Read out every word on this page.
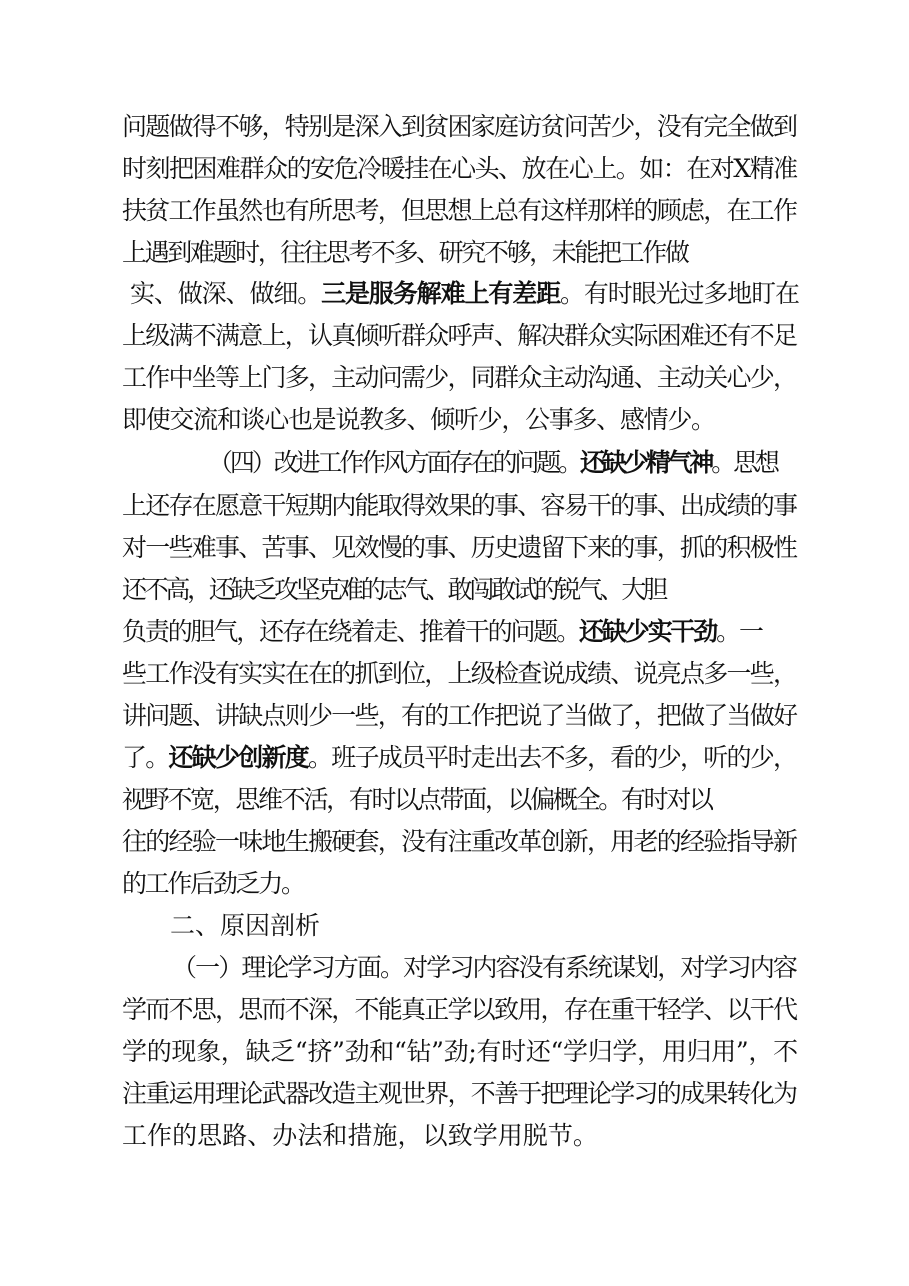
问题做得不够，特别是深入到贫困家庭访贫问苦少，没有完全做到
时刻把困难群众的安危冷暖挂在心头、放在心上。如：在对X精准
扶贫工作虽然也有所思考，但思想上总有这样那样的顾虑，在工作
上遇到难题时，往往思考不多、研究不够，未能把工作做
实、做深、做细。三是服务解难上有差距。有时眼光过多地盯在
上级满不满意上，认真倾听群众呼声、解决群众实际困难还有不足
工作中坐等上门多，主动问需少，同群众主动沟通、主动关心少，
即使交流和谈心也是说教多、倾听少，公事多、感情少。
（四）改进工作作风方面存在的问题。还缺少精气神。思想
上还存在愿意干短期内能取得效果的事、容易干的事、出成绩的事
对一些难事、苦事、见效慢的事、历史遗留下来的事，抓的积极性
还不高，还缺乏攻坚克难的志气、敢闯敢试的锐气、大胆
负责的胆气，还存在绕着走、推着干的问题。还缺少实干劲。一
些工作没有实实在在的抓到位，上级检查说成绩、说亮点多一些，
讲问题、讲缺点则少一些，有的工作把说了当做了，把做了当做好
了。还缺少创新度。班子成员平时走出去不多，看的少，听的少，
视野不宽，思维不活，有时以点带面，以偏概全。有时对以
往的经验一味地生搬硬套，没有注重改革创新，用老的经验指导新
的工作后劲乏力。
二、原因剖析
（一）理论学习方面。对学习内容没有系统谋划，对学习内容
学而不思，思而不深，不能真正学以致用，存在重干轻学、以干代
学的现象，缺乏“挤”劲和“钻”劲;有时还“学归学，用归用”，不
注重运用理论武器改造主观世界，不善于把理论学习的成果转化为
工作的思路、办法和措施，以致学用脱节。
